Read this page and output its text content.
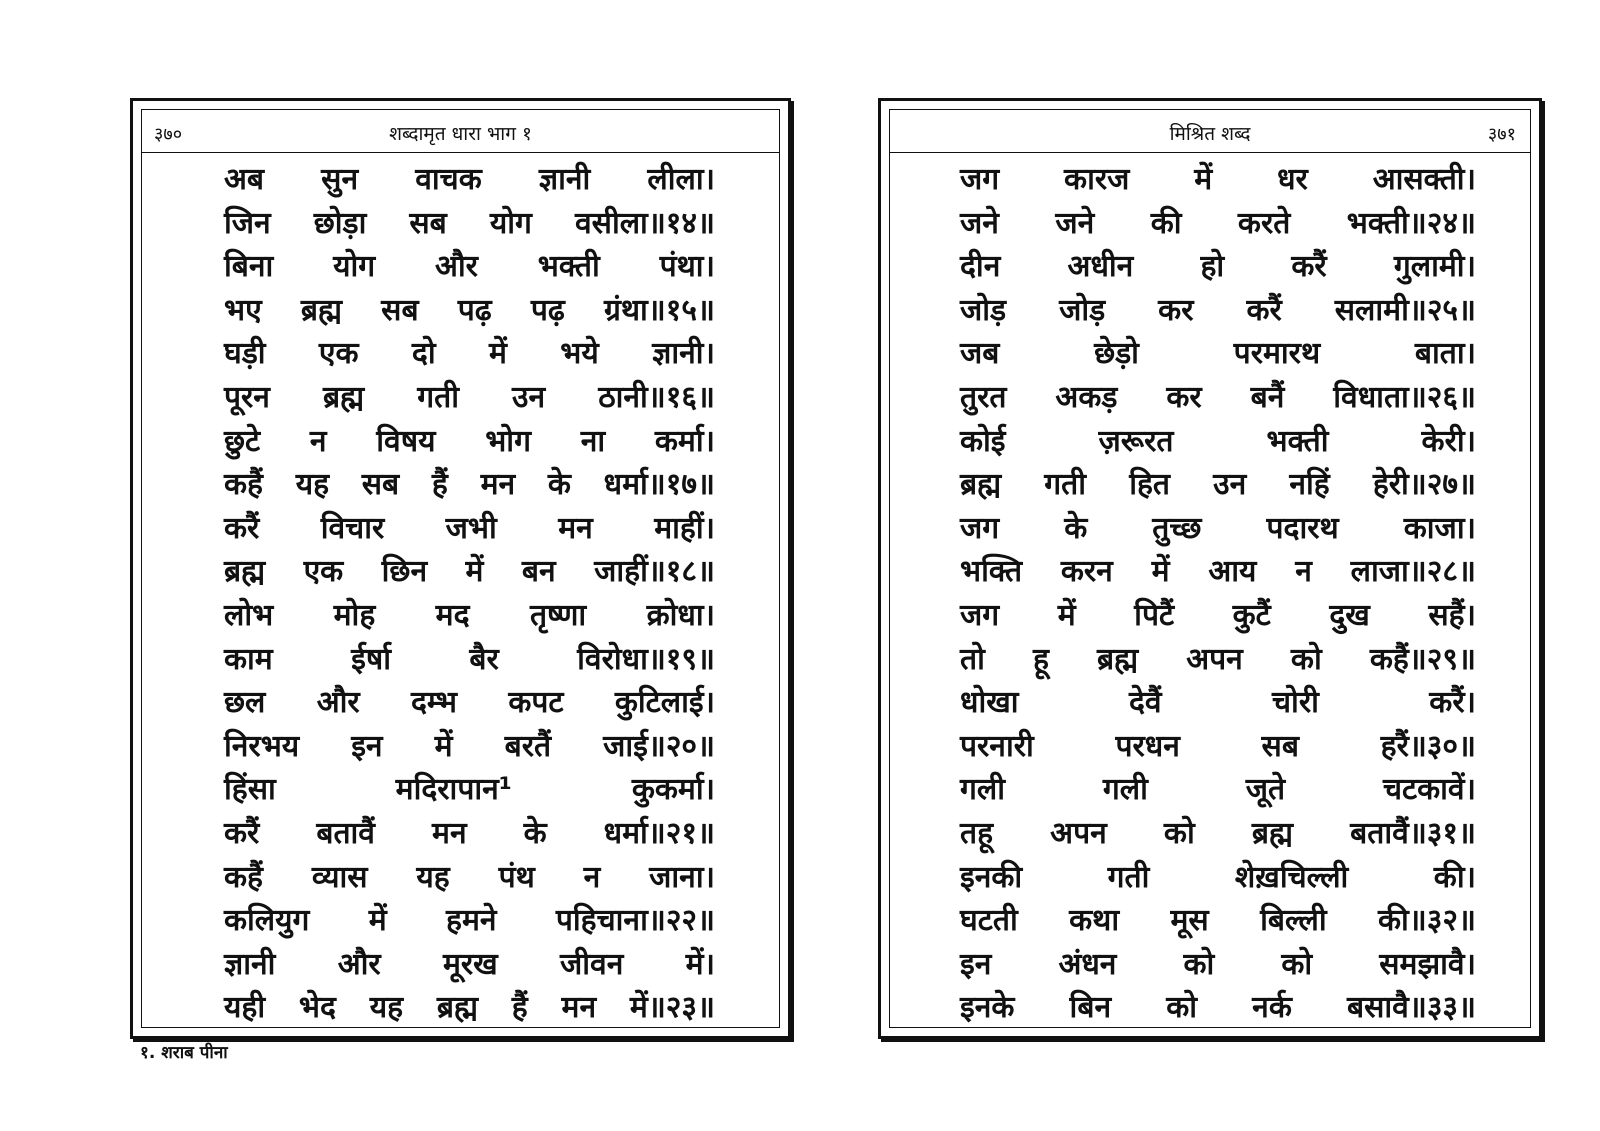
३७०	शब्दामृत धारा भाग १
अब सुन वाचक ज्ञानी लीला।
जिन छोड़ा सब योग वसीला॥१४॥
बिना योग और भक्ती पंथा।
भए ब्रह्म सब पढ़ पढ़ ग्रंथा॥१५॥
घड़ी एक दो में भये ज्ञानी।
पूरन ब्रह्म गती उन ठानी॥१६॥
छुटे न विषय भोग ना कर्मा।
कहैं यह सब हैं मन के धर्मा॥१७॥
करैं विचार जभी मन माहीं।
ब्रह्म एक छिन में बन जाहीं॥१८॥
लोभ मोह मद तृष्णा क्रोधा।
काम	ईर्षा	बैर	विरोधा॥१९॥
छल और दम्भ कपट कुटिलाई।
निरभय इन में बरतैं जाई॥२०॥
हिंसा	मदिरापान¹	कुकर्मा।
करैं बतावैं मन के धर्मा॥२१॥
कहैं व्यास यह पंथ न जाना।
कलियुग में हमने पहिचाना॥२२॥
ज्ञानी और मूरख जीवन में।
यही भेद यह ब्रह्म हैं मन में॥२३॥
मिश्रित शब्द	३७१
जग कारज में धर आसक्ती।
जने जने की करते भक्ती॥२४॥
दीन अधीन हो करैं गुलामी।
जोड़ जोड़ कर करैं सलामी॥२५॥
जब	छेड़ो	परमारथ	बाता।
तुरत अकड़ कर बनैं विधाता॥२६॥
कोई	ज़रूरत	भक्ती	केरी।
ब्रह्म गती हित उन नहिं हेरी॥२७॥
जग के तुच्छ पदारथ काजा।
भक्ति करन में आय न लाजा॥२८॥
जग में पिटैं कुटैं दुख सहैं।
तो हू ब्रह्म अपन को कहैं॥२९॥
धोखा	देवैं	चोरी	करैं।
परनारी	परधन	सब	हरैं॥३०॥
गली	गली	जूते	चटकावें।
तहू अपन को ब्रह्म बतावैं॥३१॥
इनकी	गती	शेख़चिल्ली	की।
घटती कथा मूस बिल्ली की॥३२॥
इन अंधन को को समझावै।
इनके बिन को नर्क बसावै॥३३॥
१. शराब पीना
